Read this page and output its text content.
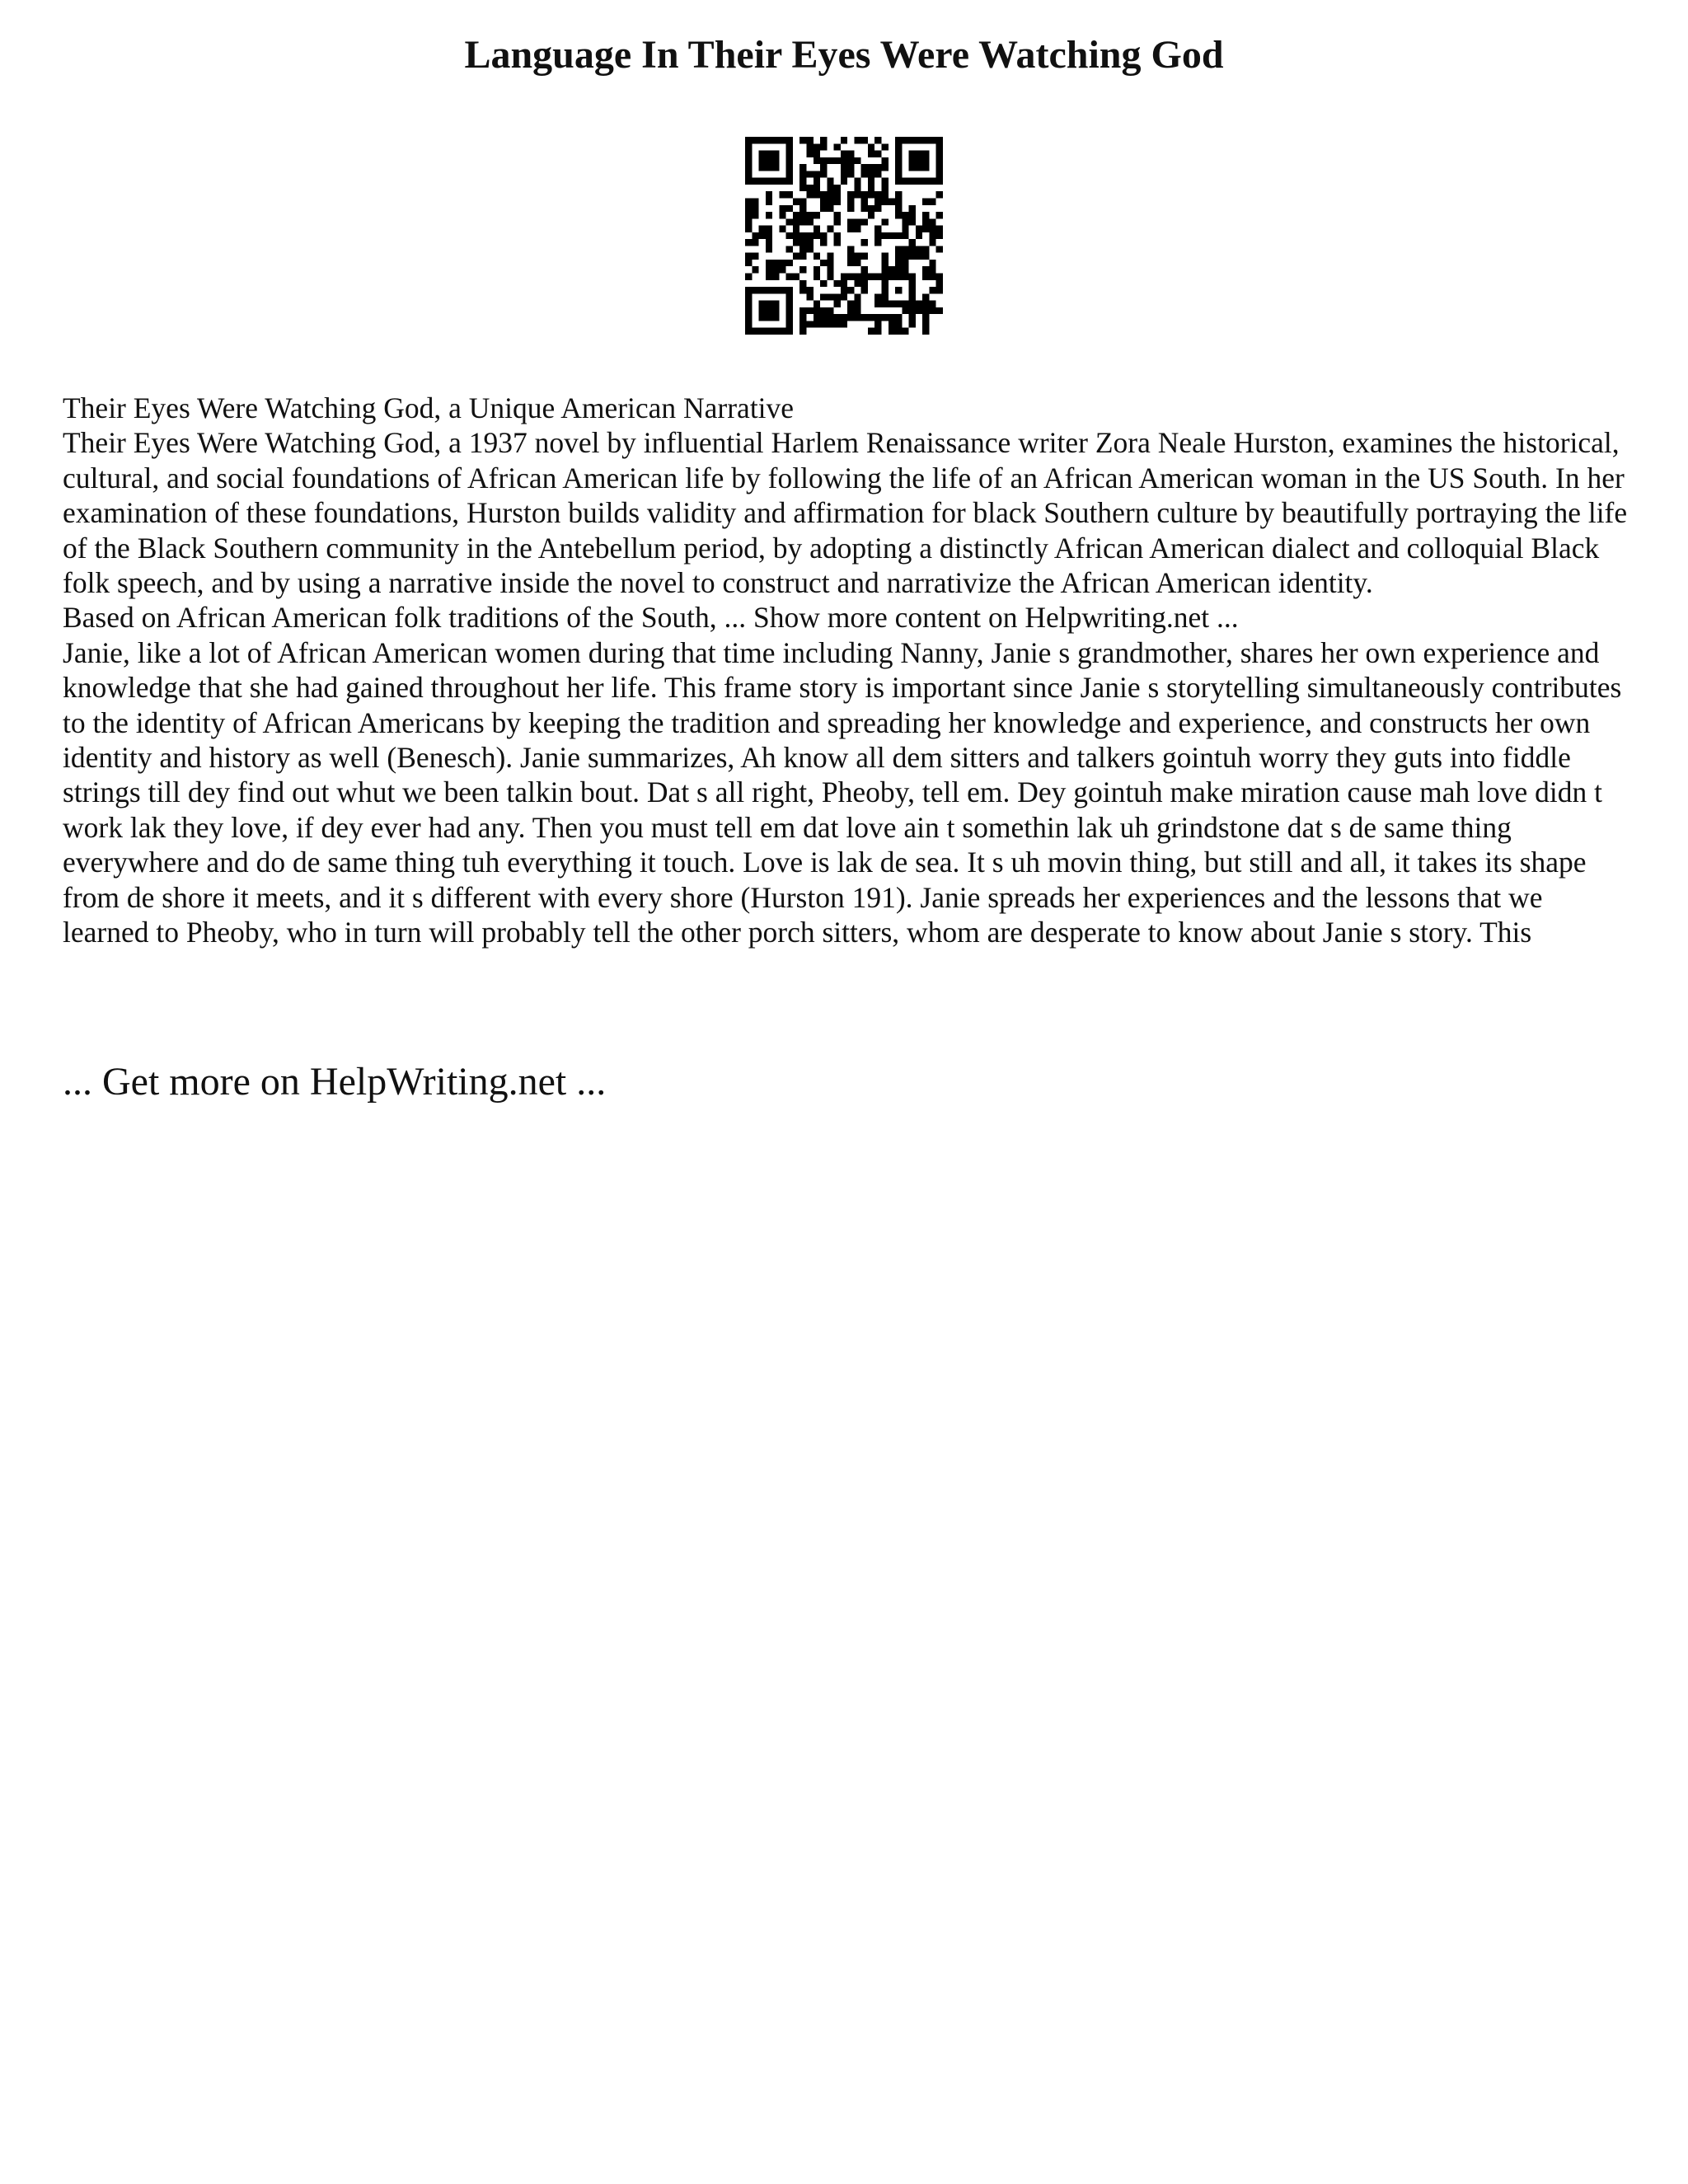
Language In Their Eyes Were Watching God

Their Eyes Were Watching God, a Unique American Narrative

Their Eyes Were Watching God, a 1937 novel by influential Harlem Renaissance writer Zora Neale Hurston, examines the historical, cultural, and social foundations of African American life by following the life of an African American woman in the US South. In her examination of these foundations, Hurston builds validity and affirmation for black Southern culture by beautifully portraying the life of the Black Southern community in the Antebellum period, by adopting a distinctly African American dialect and colloquial Black folk speech, and by using a narrative inside the novel to construct and narrativize the African American identity.

Based on African American folk traditions of the South, ... Show more content on Helpwriting.net ...

Janie, like a lot of African American women during that time including Nanny, Janie s grandmother, shares her own experience and knowledge that she had gained throughout her life. This frame story is important since Janie s storytelling simultaneously contributes to the identity of African Americans by keeping the tradition and spreading her knowledge and experience, and constructs her own identity and history as well (Benesch). Janie summarizes, Ah know all dem sitters and talkers gointuh worry they guts into fiddle strings till dey find out whut we been talkin bout. Dat s all right, Pheoby, tell em. Dey gointuh make miration cause mah love didn t work lak they love, if dey ever had any. Then you must tell em dat love ain t somethin lak uh grindstone dat s de same thing everywhere and do de same thing tuh everything it touch. Love is lak de sea. It s uh movin thing, but still and all, it takes its shape from de shore it meets, and it s different with every shore (Hurston 191). Janie spreads her experiences and the lessons that we learned to Pheoby, who in turn will probably tell the other porch sitters, whom are desperate to know about Janie s story. This

... Get more on HelpWriting.net ...
